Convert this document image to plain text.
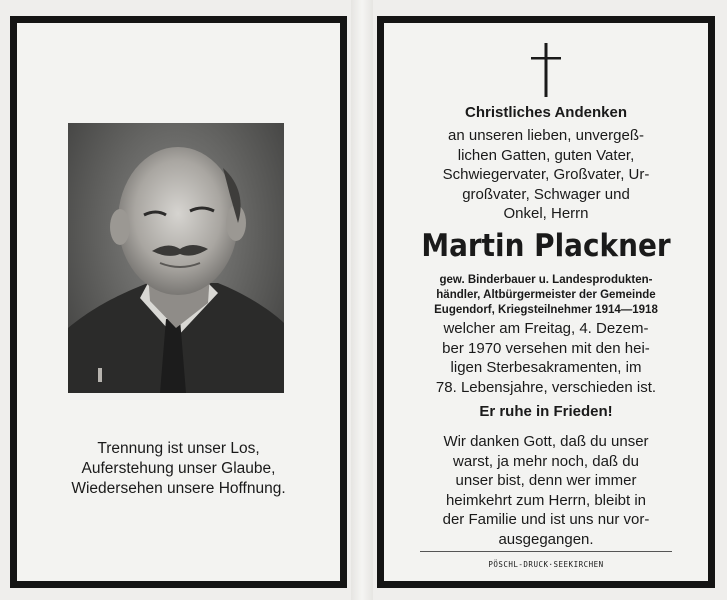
Trennung ist unser Los,
Auferstehung unser Glaube,
Wiedersehen unsere Hoffnung.
Christliches Andenken
an unseren lieben, unvergeß-
lichen Gatten, guten Vater,
Schwiegervater, Großvater, Ur-
großvater, Schwager und
Onkel, Herrn
Martin Plackner
gew. Binderbauer u. Landesprodukten-
händler, Altbürgermeister der Gemeinde
Eugendorf, Kriegsteilnehmer 1914—1918
welcher am Freitag, 4. Dezem-
ber 1970 versehen mit den hei-
ligen Sterbesakramenten, im
78. Lebensjahre, verschieden ist.
Er ruhe in Frieden!
Wir danken Gott, daß du unser
warst, ja mehr noch, daß du
unser bist, denn wer immer
heimkehrt zum Herrn, bleibt in
der Familie und ist uns nur vor-
ausgegangen.
PÖSCHL-DRUCK·SEEKIRCHEN
